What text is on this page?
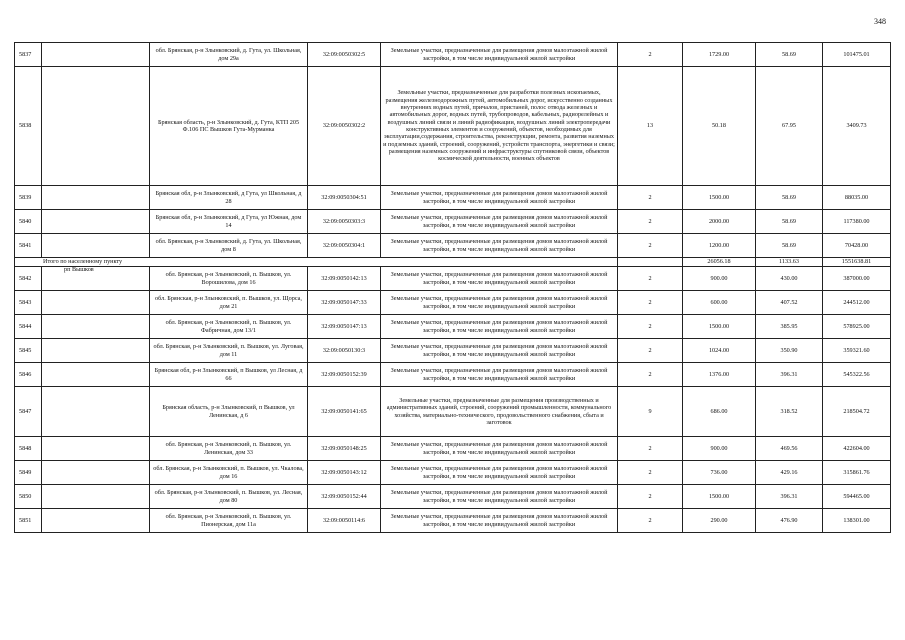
348
5837		обл. Брянская, р-н Злынковский, д. Гута, ул. Школьная, дом 29а	32:09:0050302:5	Земельные участки, предназначенные для размещения домов малоэтажной жилой застройки, в том числе индивидуальной жилой застройки	2	1729.00	58.69	101475.01
5838		Брянская область, р-н Злынковский, д. Гута, КТП 205 Ф.106 ПС Вышков Гута-Мурманка	32:09:0050302:2	Земельные участки, предназначенные для разработки полезных ископаемых, размещения железнодорожных путей, автомобильных дорог, искусственно созданных внутренних водных путей, причалов, пристаней, полос отвода железных и автомобильных дорог, водных путей, трубопроводов, кабельных, радиорелейных и воздушных линий связи и линий радиофикации, воздушных линий электропередачи конструктивных элементов и сооружений, объектов, необходимых для эксплуатации,содержания, строительства, реконструкции, ремонта, развития наземных и подземных зданий, строений, сооружений, устройств транспорта, энергетики и связи; размещения наземных сооружений и инфраструктуры спутниковой связи, объектов космической деятельности, военных объектов	13	50.18	67.95	3409.73
5839		Брянская обл, р-н Злынковский, д Гута, ул Школьная, д 28	32:09:0050304:51	Земельные участки, предназначенные для размещения домов малоэтажной жилой застройки, в том числе индивидуальной жилой застройки	2	1500.00	58.69	88035.00
5840		Брянская обл, р-н Злынковский, д Гута, ул Южная, дом 14	32:09:0050303:3	Земельные участки, предназначенные для размещения домов малоэтажной жилой застройки, в том числе индивидуальной жилой застройки	2	2000.00	58.69	117380.00
5841		обл. Брянская, р-н Злынковский, д. Гута, ул. Школьная, дом 8	32:09:0050304:1	Земельные участки, предназначенные для размещения домов малоэтажной жилой застройки, в том числе индивидуальной жилой застройки	2	1200.00	58.69	70428.00
Итого по населенному пункту						26056.18	1133.63	1551638.81
5842	рп Вышков	обл. Брянская, р-н Злынковский, п. Вышков, ул. Ворошилова, дом 16	32:09:0050142:13	Земельные участки, предназначенные для размещения домов малоэтажной жилой застройки, в том числе индивидуальной жилой застройки	2	900.00	430.00	387000.00
5843		обл. Брянская, р-н Злынковский, п. Вышков, ул. Щорса, дом 21	32:09:0050147:33	Земельные участки, предназначенные для размещения домов малоэтажной жилой застройки, в том числе индивидуальной жилой застройки	2	600.00	407.52	244512.00
5844		обл. Брянская, р-н Злынковский, п. Вышков, ул. Фабричная, дом 13/1	32:09:0050147:13	Земельные участки, предназначенные для размещения домов малоэтажной жилой застройки, в том числе индивидуальной жилой застройки	2	1500.00	385.95	578925.00
5845		обл. Брянская, р-н Злынковский, п. Вышков, ул. Луговая, дом 11	32:09:0050130:3	Земельные участки, предназначенные для размещения домов малоэтажной жилой застройки, в том числе индивидуальной жилой застройки	2	1024.00	350.90	359321.60
5846		Брянская обл, р-н Злынковский, п Вышков, ул Лесная, д 66	32:09:0050152:39	Земельные участки, предназначенные для размещения домов малоэтажной жилой застройки, в том числе индивидуальной жилой застройки	2	1376.00	396.31	545322.56
5847		Брянская область, р-н Злынковский, п Вышков, ул Ленинская, д 6	32:09:0050141:65	Земельные участки, предназначенные для размещения производственных и административных зданий, строений, сооружений промышленности, коммунального хозяйства, материально-технического, продовольственного снабжения, сбыта и заготовок	9	686.00	318.52	218504.72
5848		обл. Брянская, р-н Злынковский, п. Вышков, ул. Ленинская, дом 33	32:09:0050148:25	Земельные участки, предназначенные для размещения домов малоэтажной жилой застройки, в том числе индивидуальной жилой застройки	2	900.00	469.56	422604.00
5849		обл. Брянская, р-н Злынковский, п. Вышков, ул. Чкалова, дом 16	32:09:0050143:12	Земельные участки, предназначенные для размещения домов малоэтажной жилой застройки, в том числе индивидуальной жилой застройки	2	736.00	429.16	315861.76
5850		обл. Брянская, р-н Злынковский, п. Вышков, ул. Лесная, дом 80	32:09:0050152:44	Земельные участки, предназначенные для размещения домов малоэтажной жилой застройки, в том числе индивидуальной жилой застройки	2	1500.00	396.31	594465.00
5851		обл. Брянская, р-н Злынковский, п. Вышков, ул. Пионерская, дом 11а	32:09:0050114:6	Земельные участки, предназначенные для размещения домов малоэтажной жилой застройки, в том числе индивидуальной жилой застройки	2	290.00	476.90	138301.00
